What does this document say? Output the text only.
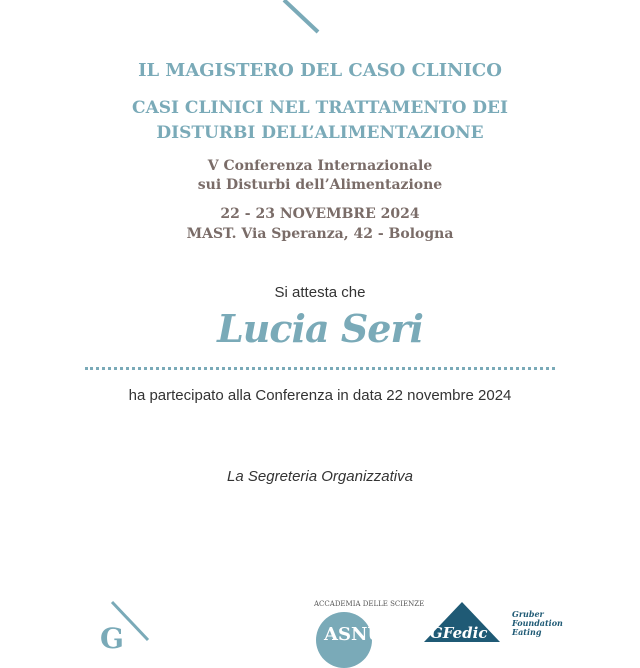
IL MAGISTERO DEL CASO CLINICO
CASI CLINICI NEL TRATTAMENTO DEI
DISTURBI DELL’ALIMENTAZIONE
V Conferenza Internazionale
sui Disturbi dell’Alimentazione
22 - 23 NOVEMBRE 2024
MAST. Via Speranza, 42 - Bologna
Si attesta che
Lucia Seri
ha partecipato alla Conferenza in data 22 novembre 2024
La Segreteria Organizzativa
G
ACCADEMIA DELLE SCIENZE
ASNU	GFedic
Gruber
Foundation
Eating
